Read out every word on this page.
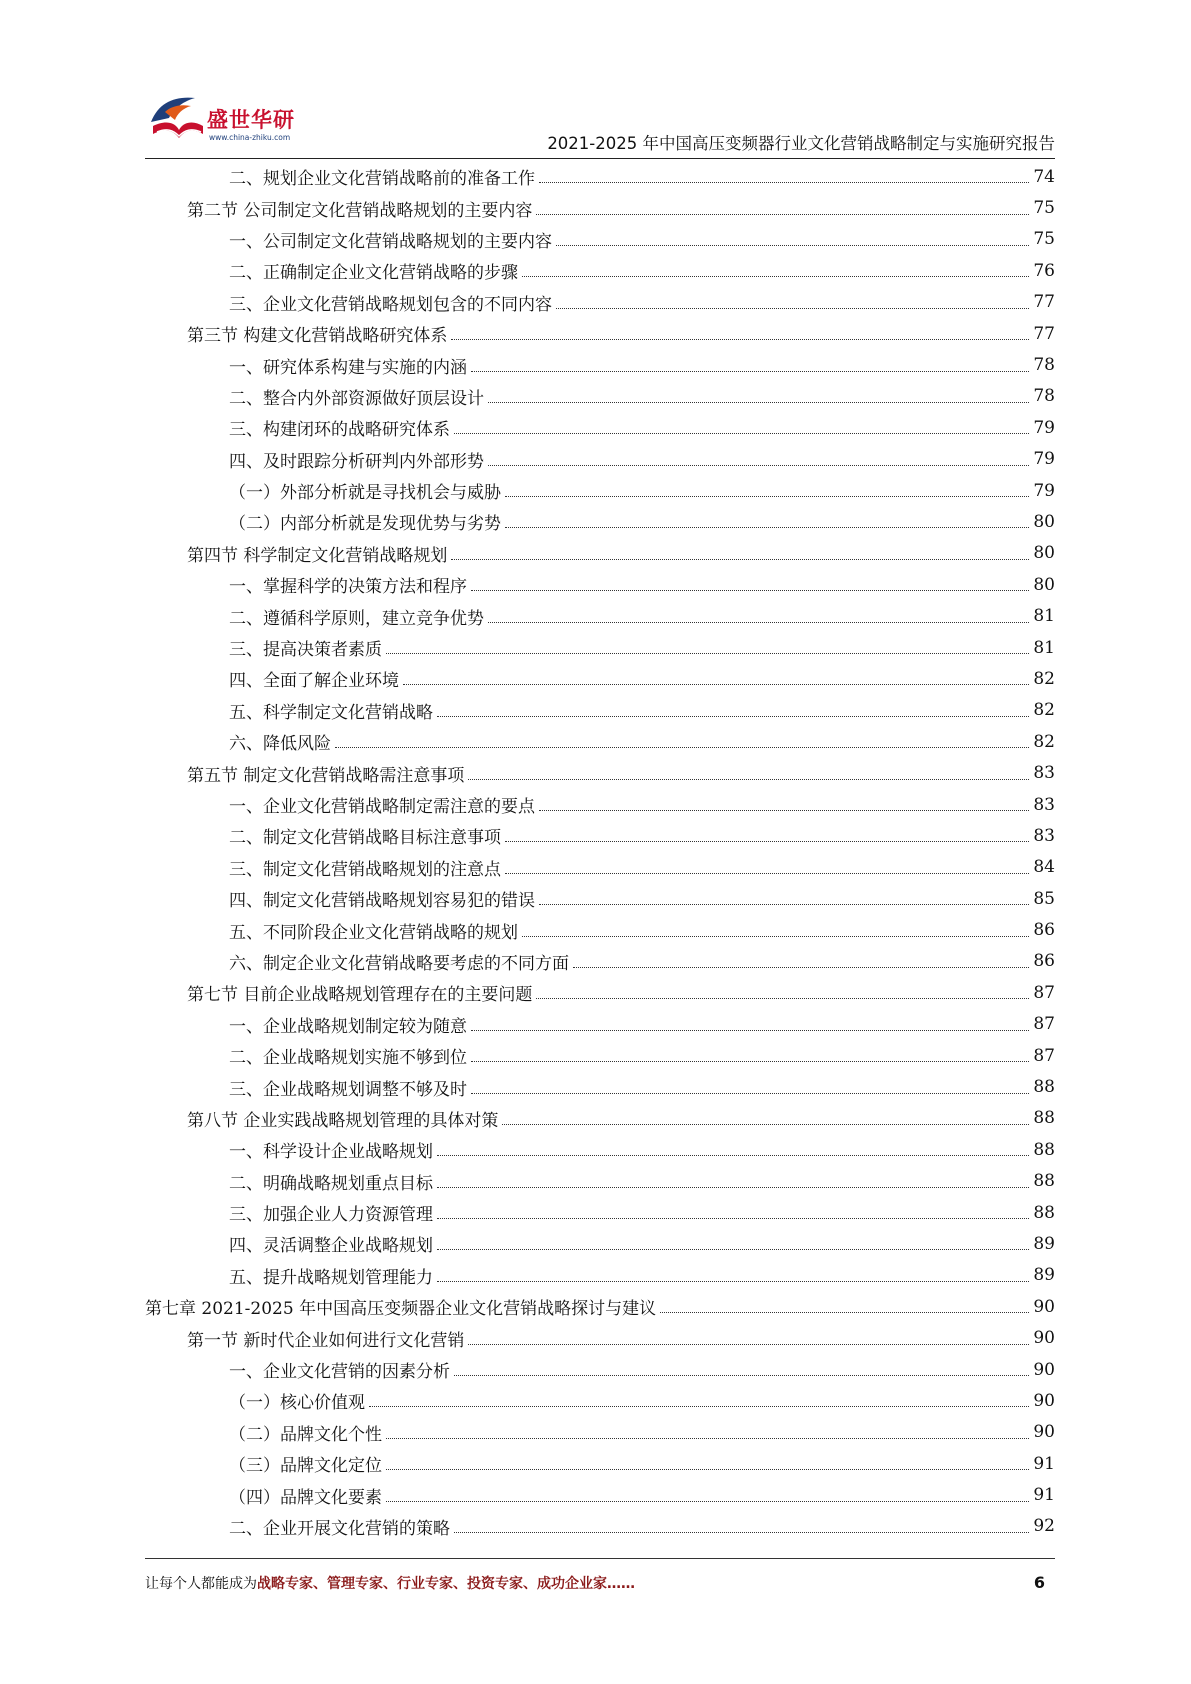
盛世华研
www.china-zhiku.com	2021-2025 年中国高压变频器行业文化营销战略制定与实施研究报告
二、规划企业文化营销战略前的准备工作	74
第二节 公司制定文化营销战略规划的主要内容	75
一、公司制定文化营销战略规划的主要内容	75
二、正确制定企业文化营销战略的步骤	76
三、企业文化营销战略规划包含的不同内容	77
第三节 构建文化营销战略研究体系	77
一、研究体系构建与实施的内涵	78
二、整合内外部资源做好顶层设计	78
三、构建闭环的战略研究体系	79
四、及时跟踪分析研判内外部形势	79
（一）外部分析就是寻找机会与威胁	79
（二）内部分析就是发现优势与劣势	80
第四节 科学制定文化营销战略规划	80
一、掌握科学的决策方法和程序	80
二、遵循科学原则，建立竞争优势	81
三、提高决策者素质	81
四、全面了解企业环境	82
五、科学制定文化营销战略	82
六、降低风险	82
第五节 制定文化营销战略需注意事项	83
一、企业文化营销战略制定需注意的要点	83
二、制定文化营销战略目标注意事项	83
三、制定文化营销战略规划的注意点	84
四、制定文化营销战略规划容易犯的错误	85
五、不同阶段企业文化营销战略的规划	86
六、制定企业文化营销战略要考虑的不同方面	86
第七节 目前企业战略规划管理存在的主要问题	87
一、企业战略规划制定较为随意	87
二、企业战略规划实施不够到位	87
三、企业战略规划调整不够及时	88
第八节 企业实践战略规划管理的具体对策	88
一、科学设计企业战略规划	88
二、明确战略规划重点目标	88
三、加强企业人力资源管理	88
四、灵活调整企业战略规划	89
五、提升战略规划管理能力	89
第七章 2021-2025 年中国高压变频器企业文化营销战略探讨与建议	90
第一节 新时代企业如何进行文化营销	90
一、企业文化营销的因素分析	90
（一）核心价值观	90
（二）品牌文化个性	90
（三）品牌文化定位	91
（四）品牌文化要素	91
二、企业开展文化营销的策略	92
让每个人都能成为战略专家、管理专家、行业专家、投资专家、成功企业家……	6
